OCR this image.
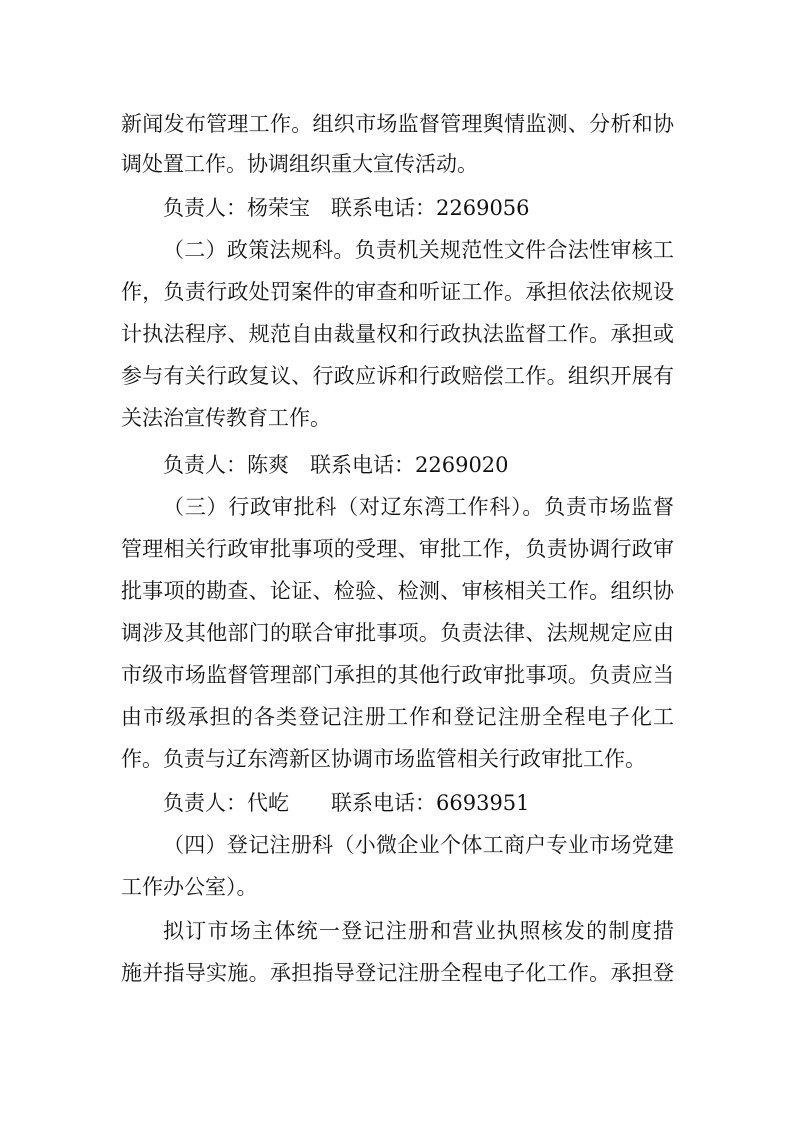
新闻发布管理工作。组织市场监督管理舆情监测、分析和协
调处置工作。协调组织重大宣传活动。
负责人：杨荣宝　联系电话：2269056
（二）政策法规科。负责机关规范性文件合法性审核工
作，负责行政处罚案件的审查和听证工作。承担依法依规设
计执法程序、规范自由裁量权和行政执法监督工作。承担或
参与有关行政复议、行政应诉和行政赔偿工作。组织开展有
关法治宣传教育工作。
负责人：陈爽　联系电话：2269020
（三）行政审批科（对辽东湾工作科）。负责市场监督
管理相关行政审批事项的受理、审批工作，负责协调行政审
批事项的勘查、论证、检验、检测、审核相关工作。组织协
调涉及其他部门的联合审批事项。负责法律、法规规定应由
市级市场监督管理部门承担的其他行政审批事项。负责应当
由市级承担的各类登记注册工作和登记注册全程电子化工
作。负责与辽东湾新区协调市场监管相关行政审批工作。
负责人：代屹　　联系电话：6693951
（四）登记注册科（小微企业个体工商户专业市场党建
工作办公室）。
拟订市场主体统一登记注册和营业执照核发的制度措
施并指导实施。承担指导登记注册全程电子化工作。承担登
